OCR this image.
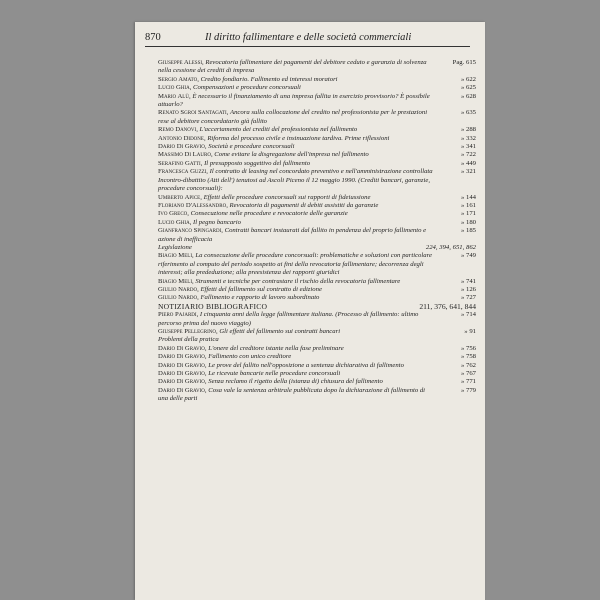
870	Il diritto fallimentare e delle società commerciali
Giuseppe Alessi, Revocatoria fallimentare dei pagamenti del debitore ceduto e garanzia di solvenza nella cessione dei crediti di impresa
Pag. 615
Sergio Amato, Credito fondiario. Fallimento ed interessi moratori	» 622
Lucio Ghia, Compensazioni e procedure concorsuali	» 625
Mario Alù, È necessario il finanziamento di una impresa fallita in esercizio provvisorio? È possibile attuarlo?
» 628
Renato Sgroi Santagati, Ancora sulla collocazione del credito nel professionista per le prestazioni rese al debitore concordatario già fallito
» 635
Remo Danovi, L'accertamento dei crediti del professionista nel fallimento	» 288
Antonio Didone, Riforma del processo civile e insinuazione tardiva. Prime riflessioni	» 332
Dario Di Gravio, Società e procedure concorsuali	» 341
Massimo Di Lauro, Come evitare la disgregazione dell'impresa nel fallimento	» 722
Serafino Gatti, Il presupposto soggettivo del fallimento	» 449
Francesca Guzzi, Il contratto di leasing nel concordato preventivo e nell'amministrazione controllata	» 321
Incontro-dibattito (Atti dell') tenutosi ad Ascoli Piceno il 12 maggio 1990. (Crediti bancari, garanzie, procedure concorsuali):
Umberto Apice, Effetti delle procedure concorsuali sui rapporti di fideiussione	» 144
Floriano D'Alessandro, Revocatoria di pagamenti di debiti assistiti da garanzie	» 161
Ivo Greco, Consecuzione nelle procedure e revocatorie delle garanzie	» 171
Lucio Ghia, Il pegno bancario	» 180
Gianfranco Spingardi, Contratti bancari instaurati dal fallito in pendenza del proprio fallimento e azione di inefficacia
» 185
Legislazione	224, 394, 651, 862
Biagio Meli, La consecuzione delle procedure concorsuali: problematiche e soluzioni con particolare riferimento al computo del periodo sospetto ai fini della revocatoria fallimentare; decorrenza degli interessi; alla prededuzione; alla preesistenza dei rapporti giuridici
» 749
Biagio Meli, Strumenti e tecniche per contrastare il rischio della revocatoria fallimentare	» 741
Giulio Nardo, Effetti del fallimento sul contratto di edizione	» 126
Giulio Nardo, Fallimento e rapporto di lavoro subordinato	» 727
NOTIZIARIO BIBLIOGRAFICO	211, 376, 641, 844
Piero Pajardi, I cinquanta anni della legge fallimentare italiana. (Processo di fallimento: ultimo percorso prima del nuovo viaggio)
» 714
Giuseppe Pellegrino, Gli effetti del fallimento sui contratti bancari	» 91
Problemi della pratica
Dario Di Gravio, L'onere del creditore istante nella fase preliminare	» 756
Dario Di Gravio, Fallimento con unico creditore	» 758
Dario Di Gravio, Le prove del fallito nell'opposizione a sentenza dichiarativa di fallimento	» 762
Dario Di Gravio, Le ricevute bancarie nelle procedure concorsuali	» 767
Dario Di Gravio, Senza reclamo il rigetto della (istanza di) chiusura del fallimento	» 771
Dario Di Gravio, Cosa vale la sentenza arbitrale pubblicata dopo la dichiarazione di fallimento di una delle parti
» 779
